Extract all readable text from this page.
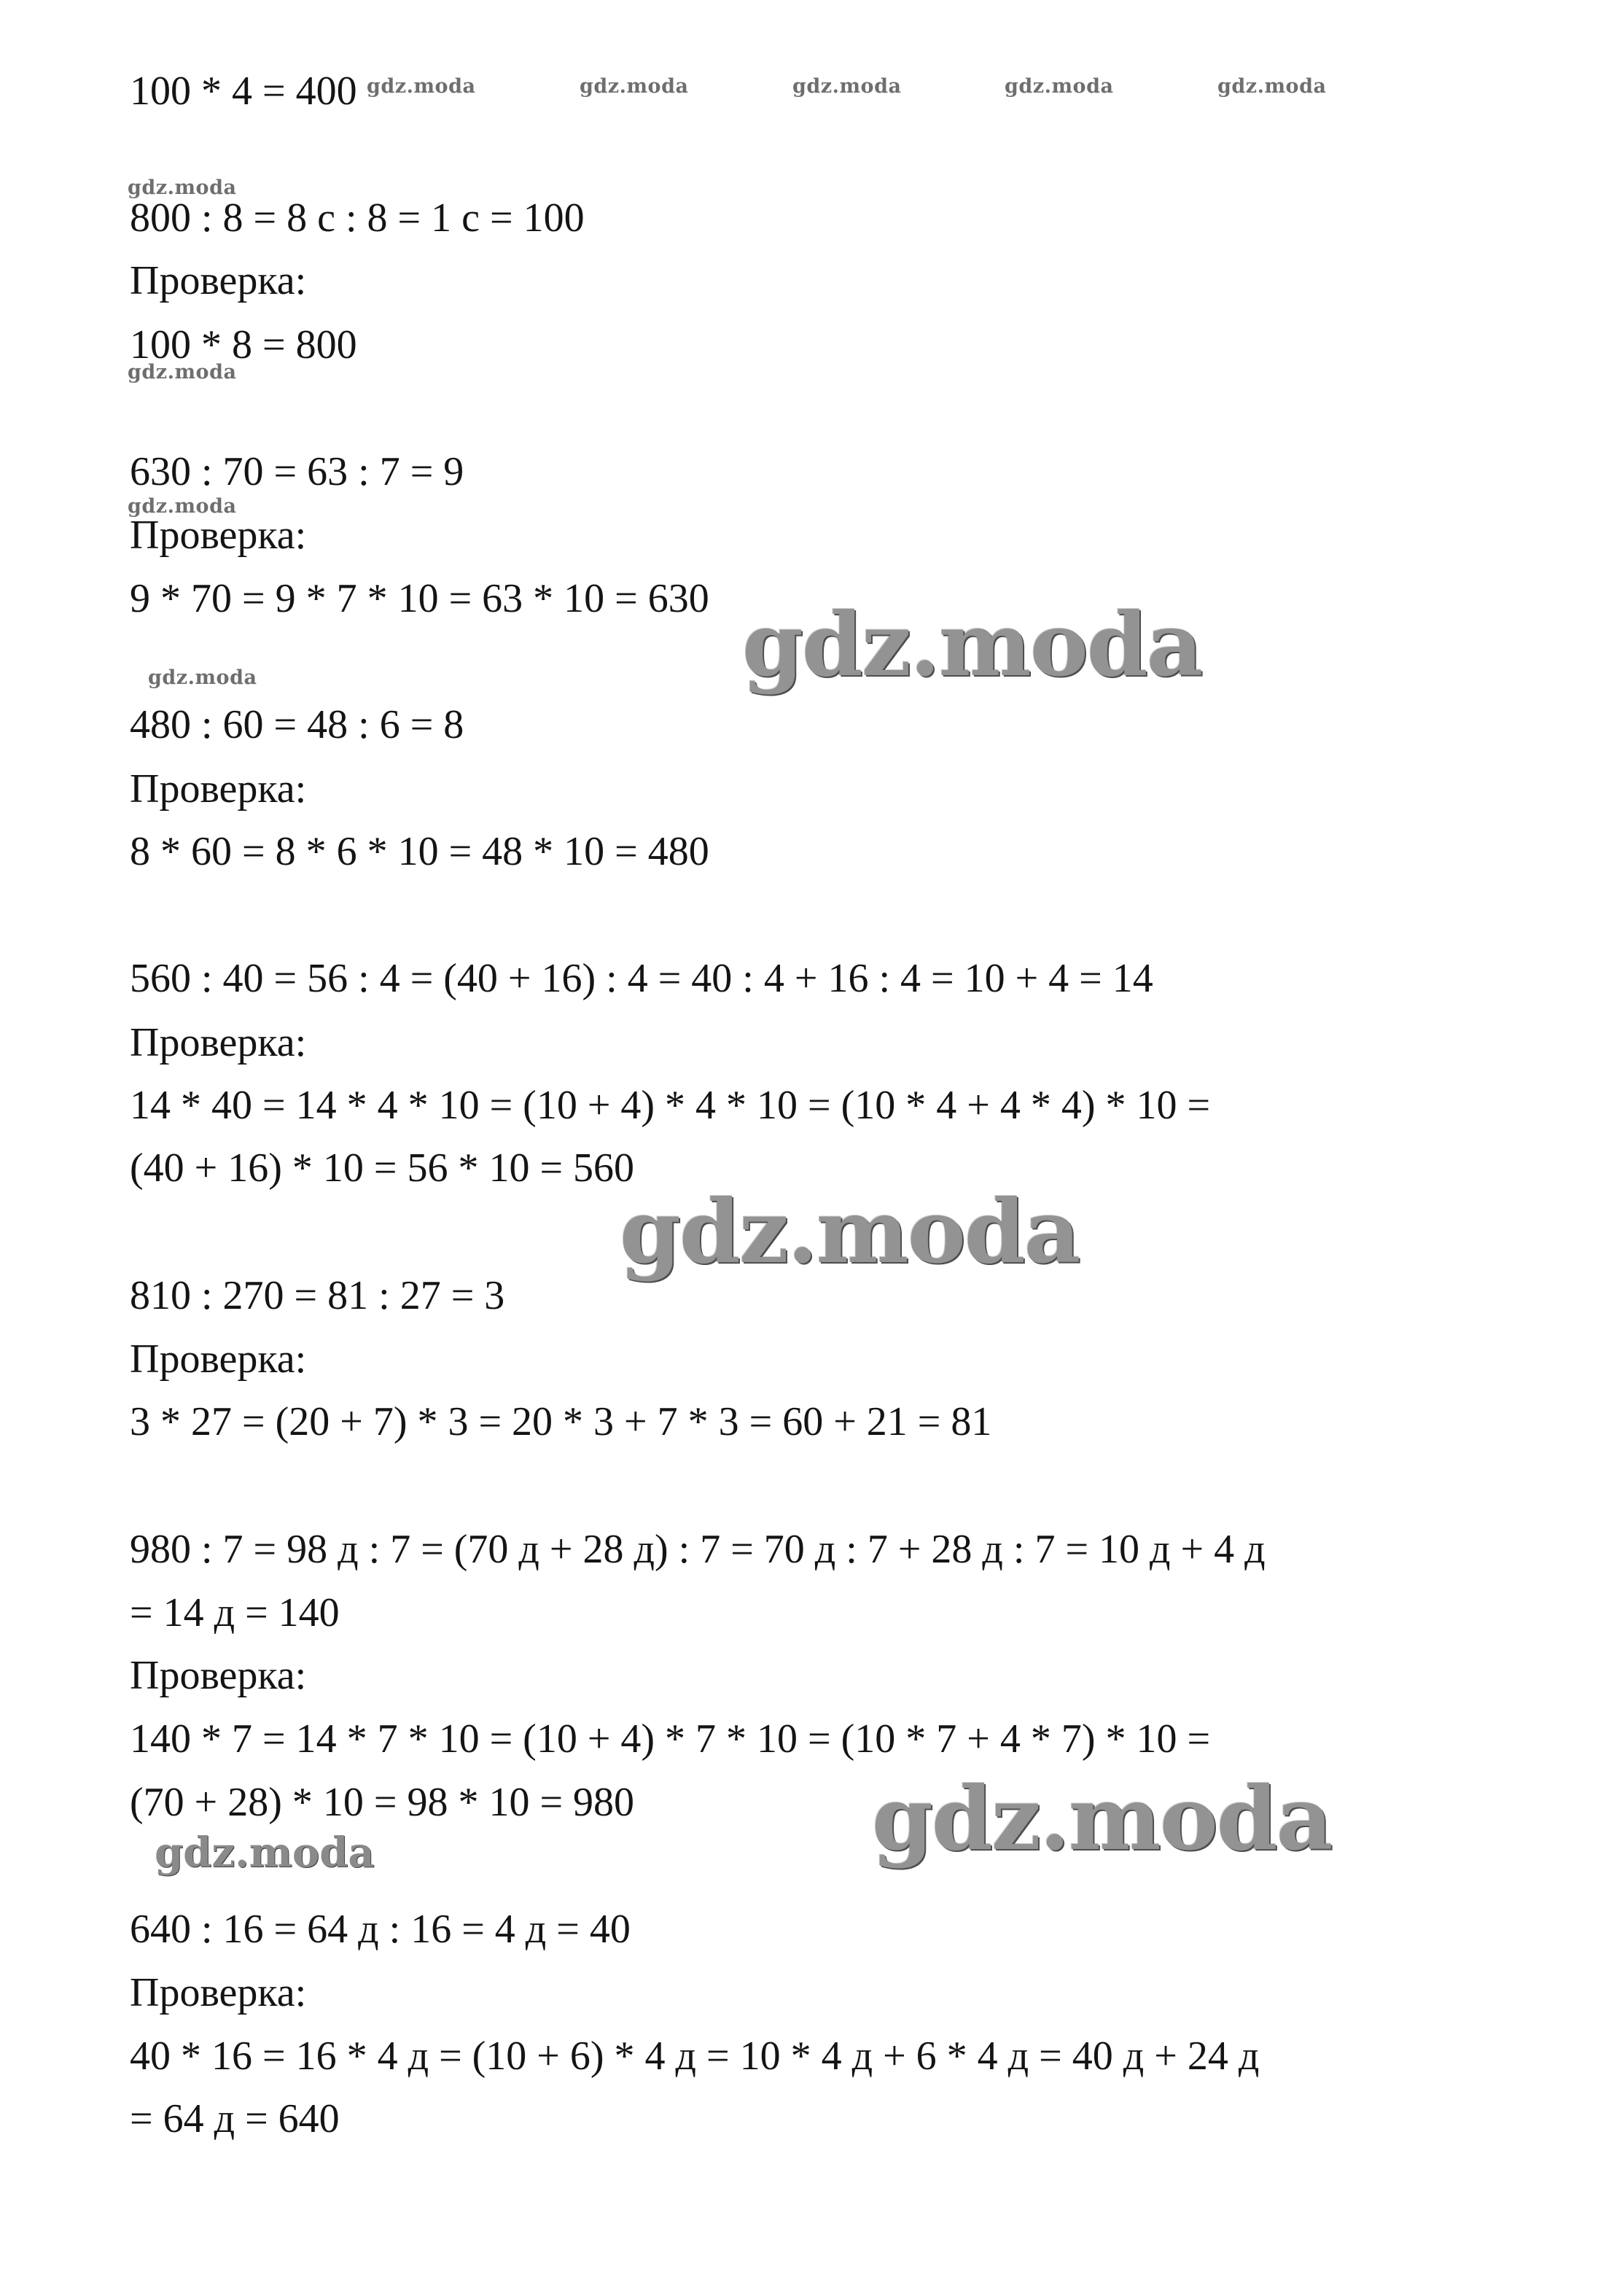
100 * 4 = 400
800 : 8 = 8 с : 8 = 1 с = 100
Проверка:
100 * 8 = 800
630 : 70 = 63 : 7 = 9
Проверка:
9 * 70 = 9 * 7 * 10 = 63 * 10 = 630
480 : 60 = 48 : 6 = 8
Проверка:
8 * 60 = 8 * 6 * 10 = 48 * 10 = 480
560 : 40 = 56 : 4 = (40 + 16) : 4 = 40 : 4 + 16 : 4 = 10 + 4 = 14
Проверка:
14 * 40 = 14 * 4 * 10 = (10 + 4) * 4 * 10 = (10 * 4 + 4 * 4) * 10 =
(40 + 16) * 10 = 56 * 10 = 560
810 : 270 = 81 : 27 = 3
Проверка:
3 * 27 = (20 + 7) * 3 = 20 * 3 + 7 * 3 = 60 + 21 = 81
980 : 7 = 98 д : 7 = (70 д + 28 д) : 7 = 70 д : 7 + 28 д : 7 = 10 д + 4 д
= 14 д = 140
Проверка:
140 * 7 = 14 * 7 * 10 = (10 + 4) * 7 * 10 = (10 * 7 + 4 * 7) * 10 =
(70 + 28) * 10 = 98 * 10 = 980
640 : 16 = 64 д : 16 = 4 д = 40
Проверка:
40 * 16 = 16 * 4 д = (10 + 6) * 4 д = 10 * 4 д + 6 * 4 д = 40 д + 24 д
= 64 д = 640
gdz.moda	gdz.moda	gdz.moda	gdz.moda	gdz.moda
gdz.moda
gdz.moda
gdz.moda
gdz.moda
gdz.moda
gdz.moda
gdz.moda
gdz.moda
